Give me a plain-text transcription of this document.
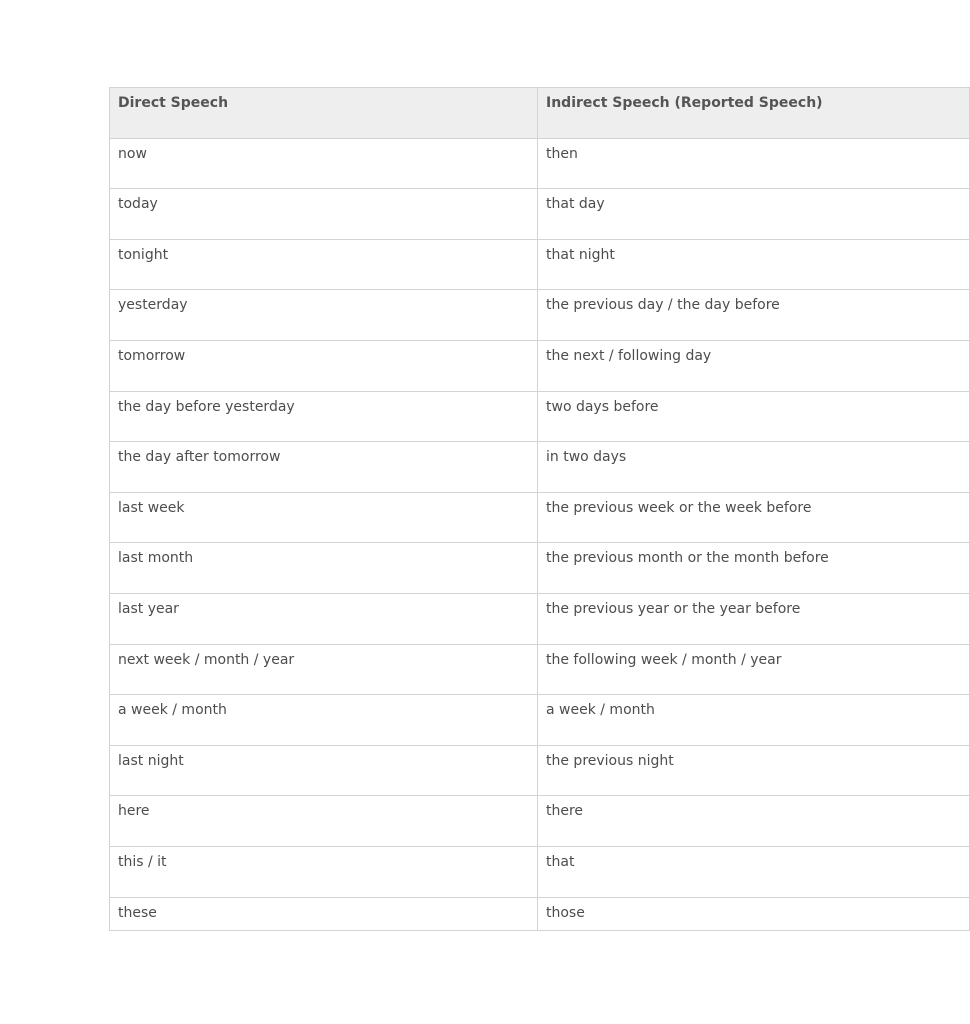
Direct Speech	Indirect Speech (Reported Speech)
now	then
today	that day
tonight	that night
yesterday	the previous day / the day before
tomorrow	the next / following day
the day before yesterday	two days before
the day after tomorrow	in two days
last week	the previous week or the week before
last month	the previous month or the month before
last year	the previous year or the year before
next week / month / year	the following week / month / year
a week / month	a week / month
last night	the previous night
here	there
this / it	that
these	those
